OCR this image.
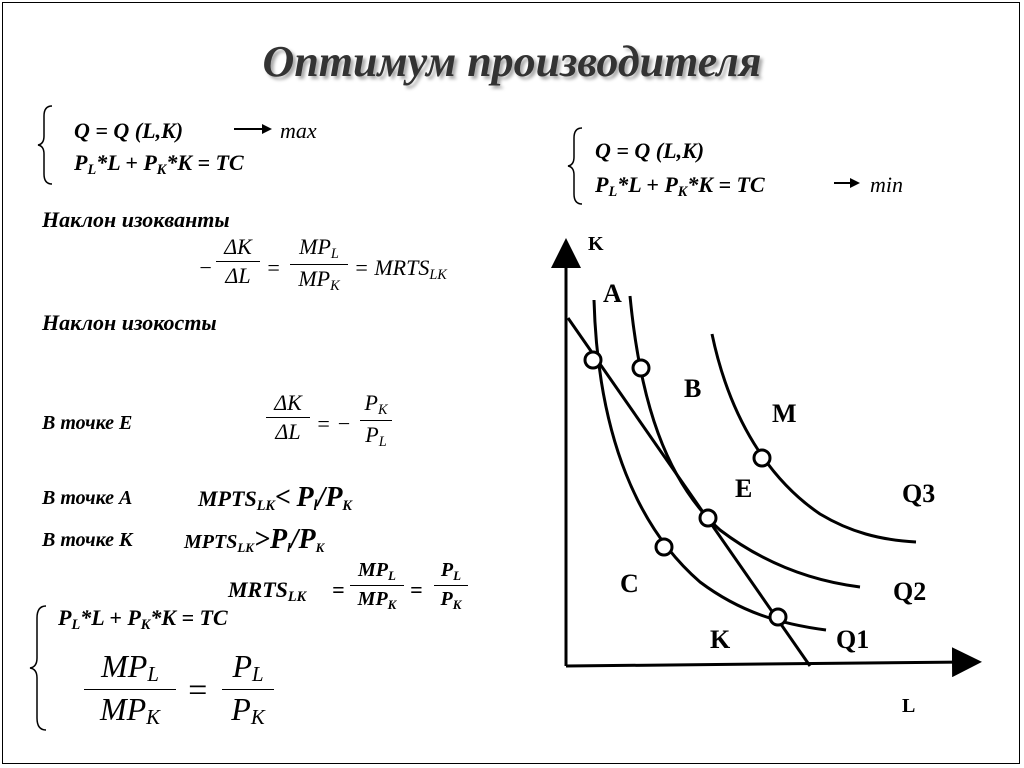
Оптимум производителя
Q = Q (L,K)	max
$P_L*L + P_K*K$ = TC	Q = Q (L,K)
$P_L*L + P_K*K$ = TC	min
Наклон изокванты
−
ΔK
ΔL =
$MP_L$
$MP_K$
= $MRTS_{LK}$
Наклон изокосты
В точке Е
ΔK
ΔL = −
$P_K$
$P_L$
В точке А	$MPTS_{LK}< P_l/P_K$
В точке К	$MPTS_{LK}>P_l/P_K$
$MRTS_{LK}$ =
$MP_L$
$MP_K$
=
$P_L$
$P_K$
$P_L*L + P_K*K$ = TC
$MP_L$
$MP_K$
=
$P_L$
$P_K$
K
L
A
B
M
E
C
K	Q1
Q2
Q3
